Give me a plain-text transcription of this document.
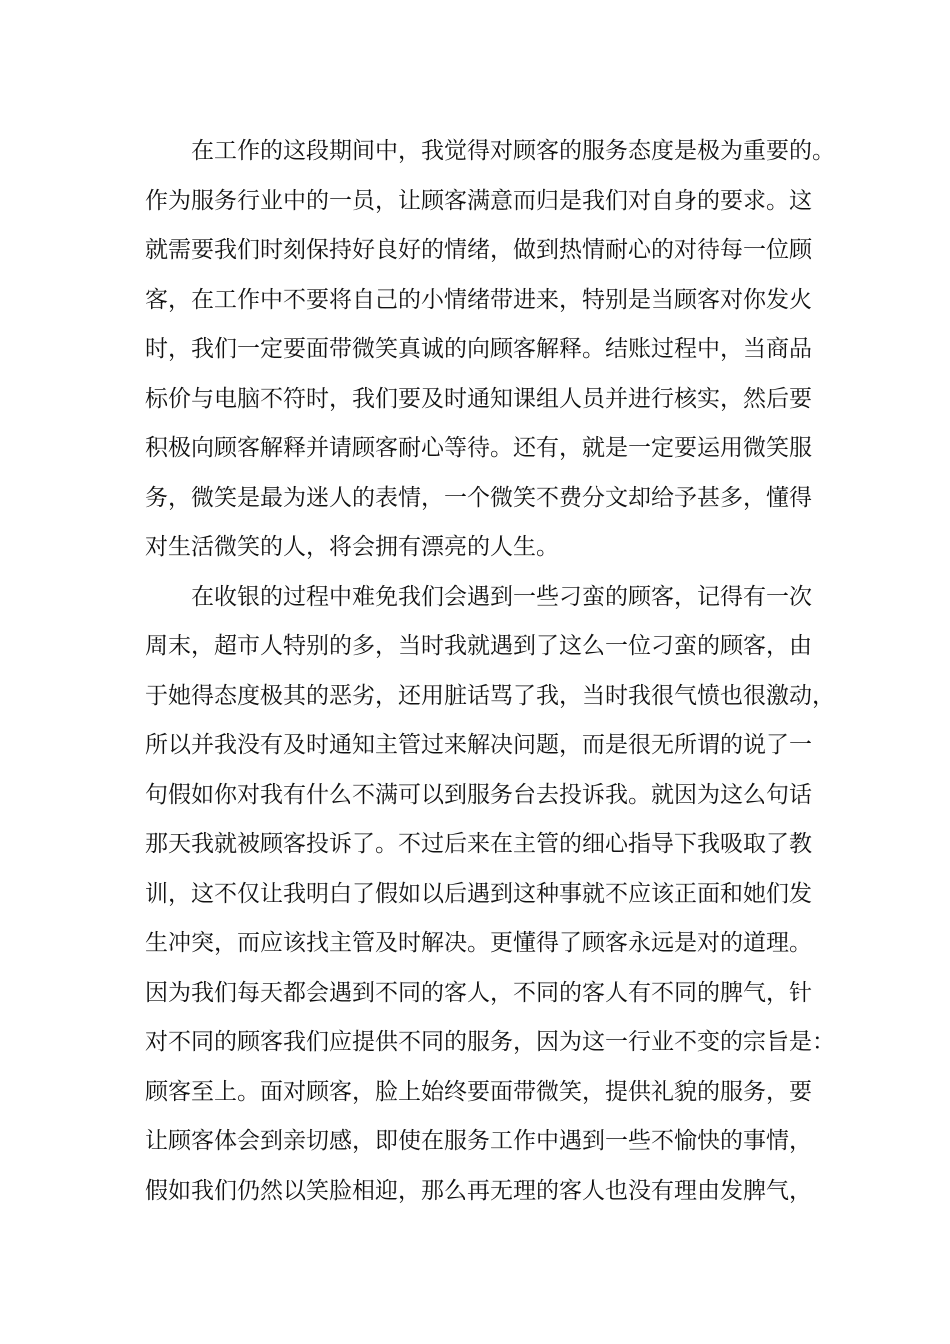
在工作的这段期间中，我觉得对顾客的服务态度是极为重要的。
作为服务行业中的一员，让顾客满意而归是我们对自身的要求。这
就需要我们时刻保持好良好的情绪，做到热情耐心的对待每一位顾
客，在工作中不要将自己的小情绪带进来，特别是当顾客对你发火
时，我们一定要面带微笑真诚的向顾客解释。结账过程中，当商品
标价与电脑不符时，我们要及时通知课组人员并进行核实，然后要
积极向顾客解释并请顾客耐心等待。还有，就是一定要运用微笑服
务，微笑是最为迷人的表情，一个微笑不费分文却给予甚多，懂得
对生活微笑的人，将会拥有漂亮的人生。
在收银的过程中难免我们会遇到一些刁蛮的顾客，记得有一次
周末，超市人特别的多，当时我就遇到了这么一位刁蛮的顾客，由
于她得态度极其的恶劣，还用脏话骂了我，当时我很气愤也很激动，
所以并我没有及时通知主管过来解决问题，而是很无所谓的说了一
句假如你对我有什么不满可以到服务台去投诉我。就因为这么句话
那天我就被顾客投诉了。不过后来在主管的细心指导下我吸取了教
训，这不仅让我明白了假如以后遇到这种事就不应该正面和她们发
生冲突，而应该找主管及时解决。更懂得了顾客永远是对的道理。
因为我们每天都会遇到不同的客人，不同的客人有不同的脾气，针
对不同的顾客我们应提供不同的服务，因为这一行业不变的宗旨是：
顾客至上。面对顾客，脸上始终要面带微笑，提供礼貌的服务，要
让顾客体会到亲切感，即使在服务工作中遇到一些不愉快的事情，
假如我们仍然以笑脸相迎，那么再无理的客人也没有理由发脾气，
